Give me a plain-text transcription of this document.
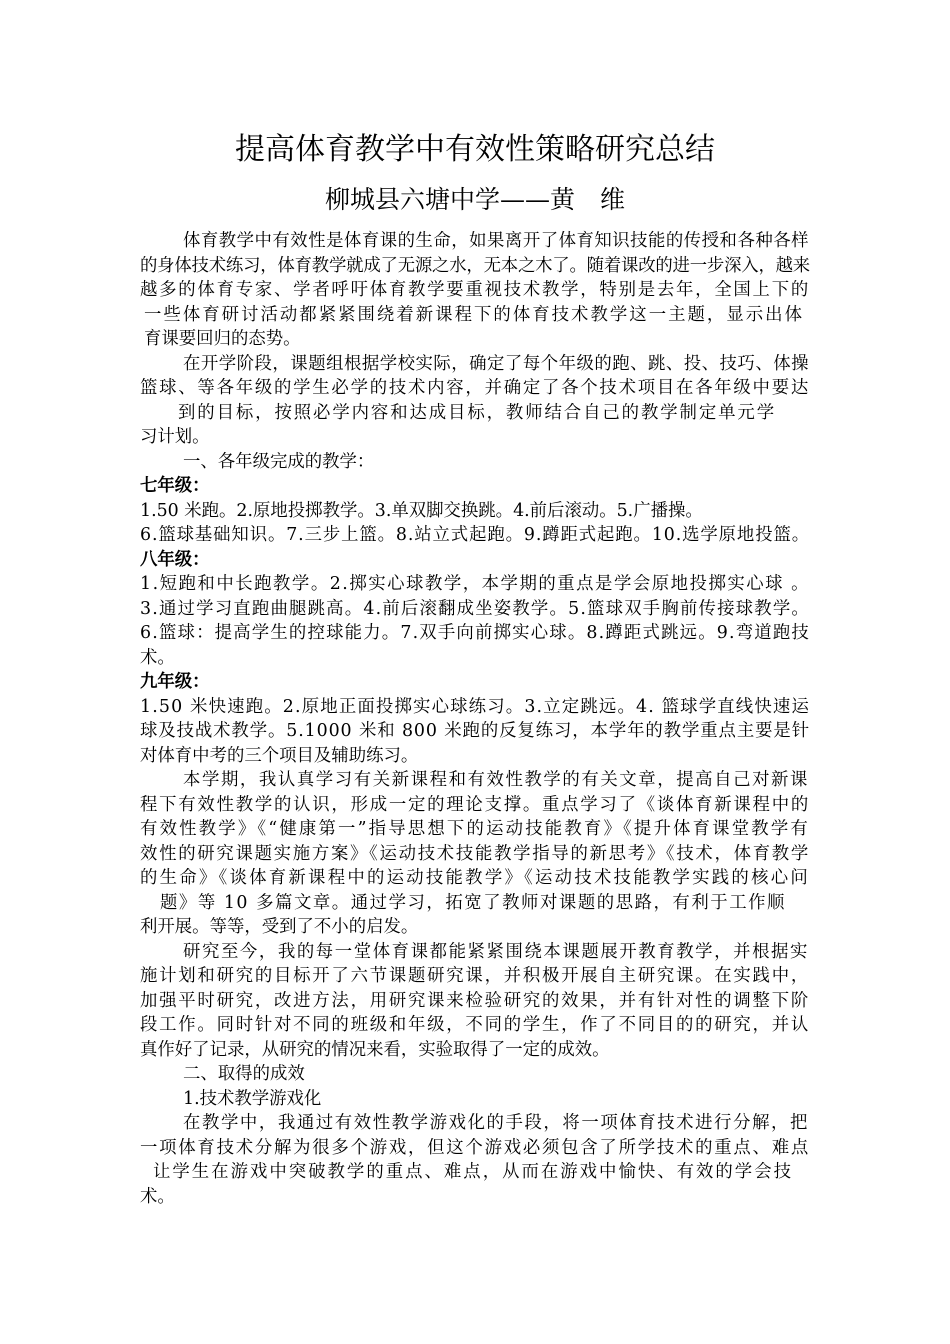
提高体育教学中有效性策略研究总结
柳城县六塘中学——黄　维
体育教学中有效性是体育课的生命，如果离开了体育知识技能的传授和各种各样
的身体技术练习，体育教学就成了无源之水，无本之木了。随着课改的进一步深入，越来
越多的体育专家、学者呼吁体育教学要重视技术教学，特别是去年，全国上下的
一些体育研讨活动都紧紧围绕着新课程下的体育技术教学这一主题，显示出体
育课要回归的态势。
在开学阶段，课题组根据学校实际，确定了每个年级的跑、跳、投、技巧、体操
篮球、等各年级的学生必学的技术内容，并确定了各个技术项目在各年级中要达
到的目标，按照必学内容和达成目标，教师结合自己的教学制定单元学
习计划。
一、各年级完成的教学：
七年级：
1.50 米跑。2.原地投掷教学。3.单双脚交换跳。4.前后滚动。5.广播操。
6.篮球基础知识。7.三步上篮。8.站立式起跑。9.蹲距式起跑。10.选学原地投篮。
八年级：
1.短跑和中长跑教学。2.掷实心球教学，本学期的重点是学会原地投掷实心球 。
3.通过学习直跑曲腿跳高。4.前后滚翻成坐姿教学。5.篮球双手胸前传接球教学。
6.篮球：提高学生的控球能力。7.双手向前掷实心球。8.蹲距式跳远。9.弯道跑技
术。
九年级：
1.50 米快速跑。2.原地正面投掷实心球练习。3.立定跳远。4. 篮球学直线快速运
球及技战术教学。5.1000 米和 800 米跑的反复练习，本学年的教学重点主要是针
对体育中考的三个项目及辅助练习。
本学期，我认真学习有关新课程和有效性教学的有关文章，提高自己对新课
程下有效性教学的认识，形成一定的理论支撑。重点学习了《谈体育新课程中的
有效性教学》《“健康第一”指导思想下的运动技能教育》《提升体育课堂教学有
效性的研究课题实施方案》《运动技术技能教学指导的新思考》《技术，体育教学
的生命》《谈体育新课程中的运动技能教学》《运动技术技能教学实践的核心问
题》等 10 多篇文章。通过学习，拓宽了教师对课题的思路，有利于工作顺
利开展。等等，受到了不小的启发。
研究至今，我的每一堂体育课都能紧紧围绕本课题展开教育教学，并根据实
施计划和研究的目标开了六节课题研究课，并积极开展自主研究课。在实践中，
加强平时研究，改进方法，用研究课来检验研究的效果，并有针对性的调整下阶
段工作。同时针对不同的班级和年级，不同的学生，作了不同目的的研究，并认
真作好了记录，从研究的情况来看，实验取得了一定的成效。
二、取得的成效
1.技术教学游戏化
在教学中，我通过有效性教学游戏化的手段，将一项体育技术进行分解，把
一项体育技术分解为很多个游戏，但这个游戏必须包含了所学技术的重点、难点
让学生在游戏中突破教学的重点、难点，从而在游戏中愉快、有效的学会技
术。
